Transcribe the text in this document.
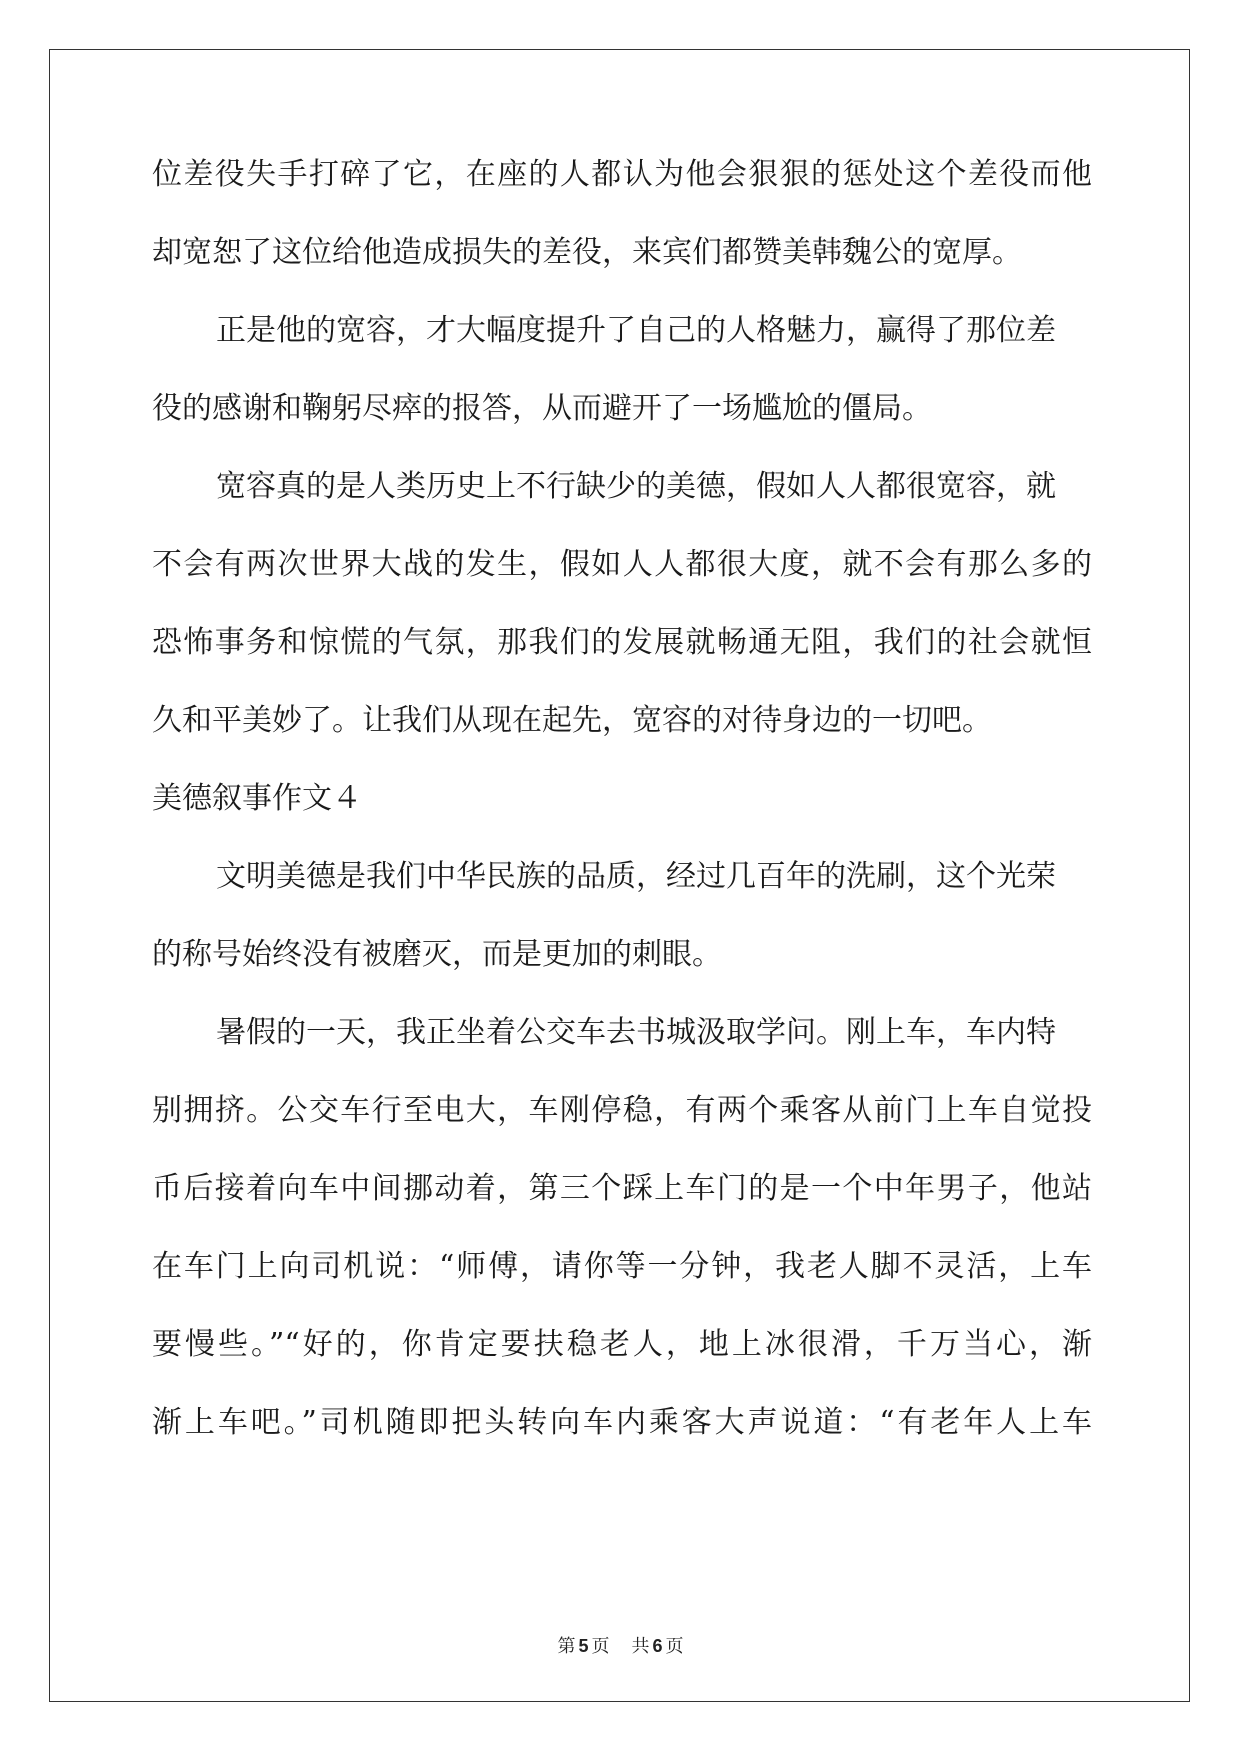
位差役失手打碎了它，在座的人都认为他会狠狠的惩处这个差役而他
却宽恕了这位给他造成损失的差役，来宾们都赞美韩魏公的宽厚。
正是他的宽容，才大幅度提升了自己的人格魅力，赢得了那位差
役的感谢和鞠躬尽瘁的报答，从而避开了一场尴尬的僵局。
宽容真的是人类历史上不行缺少的美德，假如人人都很宽容，就
不会有两次世界大战的发生，假如人人都很大度，就不会有那么多的
恐怖事务和惊慌的气氛，那我们的发展就畅通无阻，我们的社会就恒
久和平美妙了。让我们从现在起先，宽容的对待身边的一切吧。
美德叙事作文４
文明美德是我们中华民族的品质，经过几百年的洗刷，这个光荣
的称号始终没有被磨灭，而是更加的刺眼。
暑假的一天，我正坐着公交车去书城汲取学问。刚上车，车内特
别拥挤。公交车行至电大，车刚停稳，有两个乘客从前门上车自觉投
币后接着向车中间挪动着，第三个踩上车门的是一个中年男子，他站
在车门上向司机说：“师傅，请你等一分钟，我老人脚不灵活，上车
要慢些。”“好的，你肯定要扶稳老人，地上冰很滑，千万当心，渐
渐上车吧。”司机随即把头转向车内乘客大声说道：“有老年人上车
第 5 页 共 6 页
